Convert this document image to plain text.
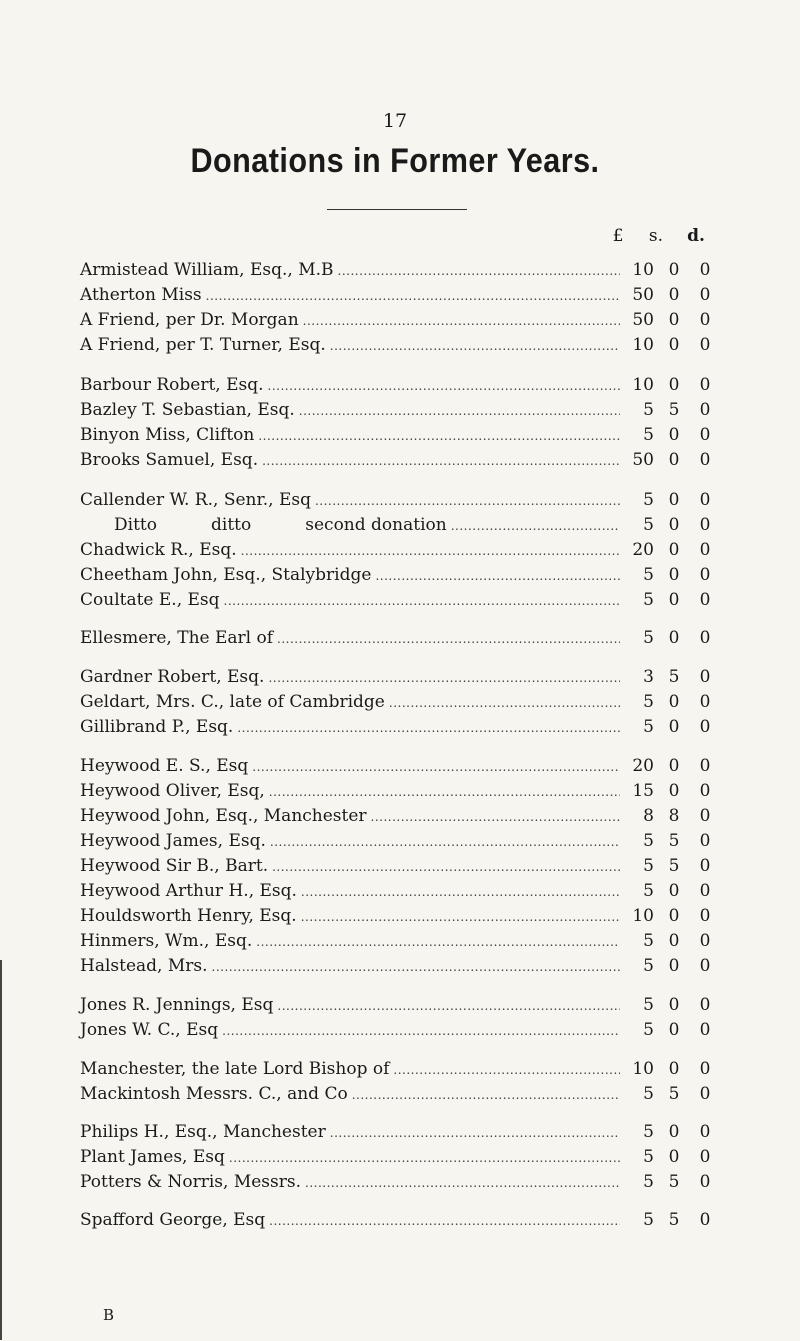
17
Donations in Former Years.
£	s.	d.
Armistead William, Esq., M.B .....	10 0	0
Atherton Miss .....	50 0	0
A Friend, per Dr. Morgan .....	50 0	0
A Friend, per T. Turner, Esq. .....	10 0	0
Barbour Robert, Esq. .....	10 0	0
Bazley T. Sebastian, Esq. .....	5 5	0
Binyon Miss, Clifton .....	5 0	0
Brooks Samuel, Esq. .....	50 0	0
Callender W. R., Senr., Esq .....	5 0	0
Ditto          ditto          second donation .....	5 0	0
Chadwick R., Esq. .....	20 0	0
Cheetham John, Esq., Stalybridge .....	5 0	0
Coultate E., Esq .....	5 0	0
Ellesmere, The Earl of .....	5 0	0
Gardner Robert, Esq. .....	3 5	0
Geldart, Mrs. C., late of Cambridge .....	5 0	0
Gillibrand P., Esq. .....	5 0	0
Heywood E. S., Esq .....	20 0	0
Heywood Oliver, Esq, .....	15 0	0
Heywood John, Esq., Manchester .....	8 8	0
Heywood James, Esq. .....	5 5	0
Heywood Sir B., Bart. .....	5 5	0
Heywood Arthur H., Esq. .....	5 0	0
Houldsworth Henry, Esq. .....	10 0	0
Hinmers, Wm., Esq. .....	5 0	0
Halstead, Mrs. .....	5 0	0
Jones R. Jennings, Esq .....	5 0	0
Jones W. C., Esq .....	5 0	0
Manchester, the late Lord Bishop of .....	10 0	0
Mackintosh Messrs. C., and Co .....	5 5	0
Philips H., Esq., Manchester .....	5 0	0
Plant James, Esq .....	5 0	0
Potters & Norris, Messrs. .....	5 5	0
Spafford George, Esq .....	5 5	0
B
